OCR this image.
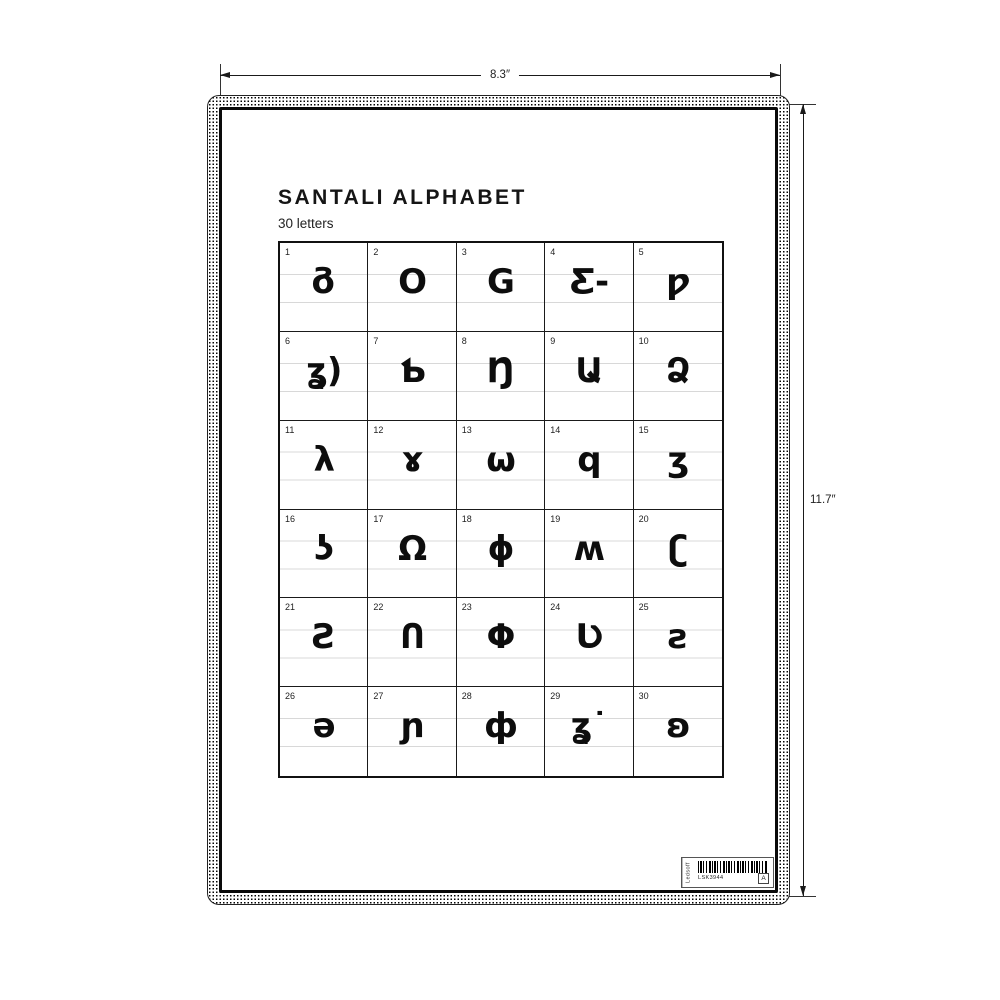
8.3″
11.7″
SANTALI ALPHABET
30 letters
1
δ
2
O
3
G
4
Ƹ-
5
ƿ
6
ʓ)
7
Ƅ
8
Ŋ
9
Ա
10
Ձ
11
λ
12
ɤ
13
ω
14
q
15
ʒ
16
ʖ
17
Ω
18
ɸ
19
ʍ
20
ʗ
21
Ƨ
22
Ո
23
Φ
24
Ʋ
25
ƨ
26
ә
27
ɲ
28
ф
29
ʓ˙
30
ʚ
Ledsoff	LSK3944	A
